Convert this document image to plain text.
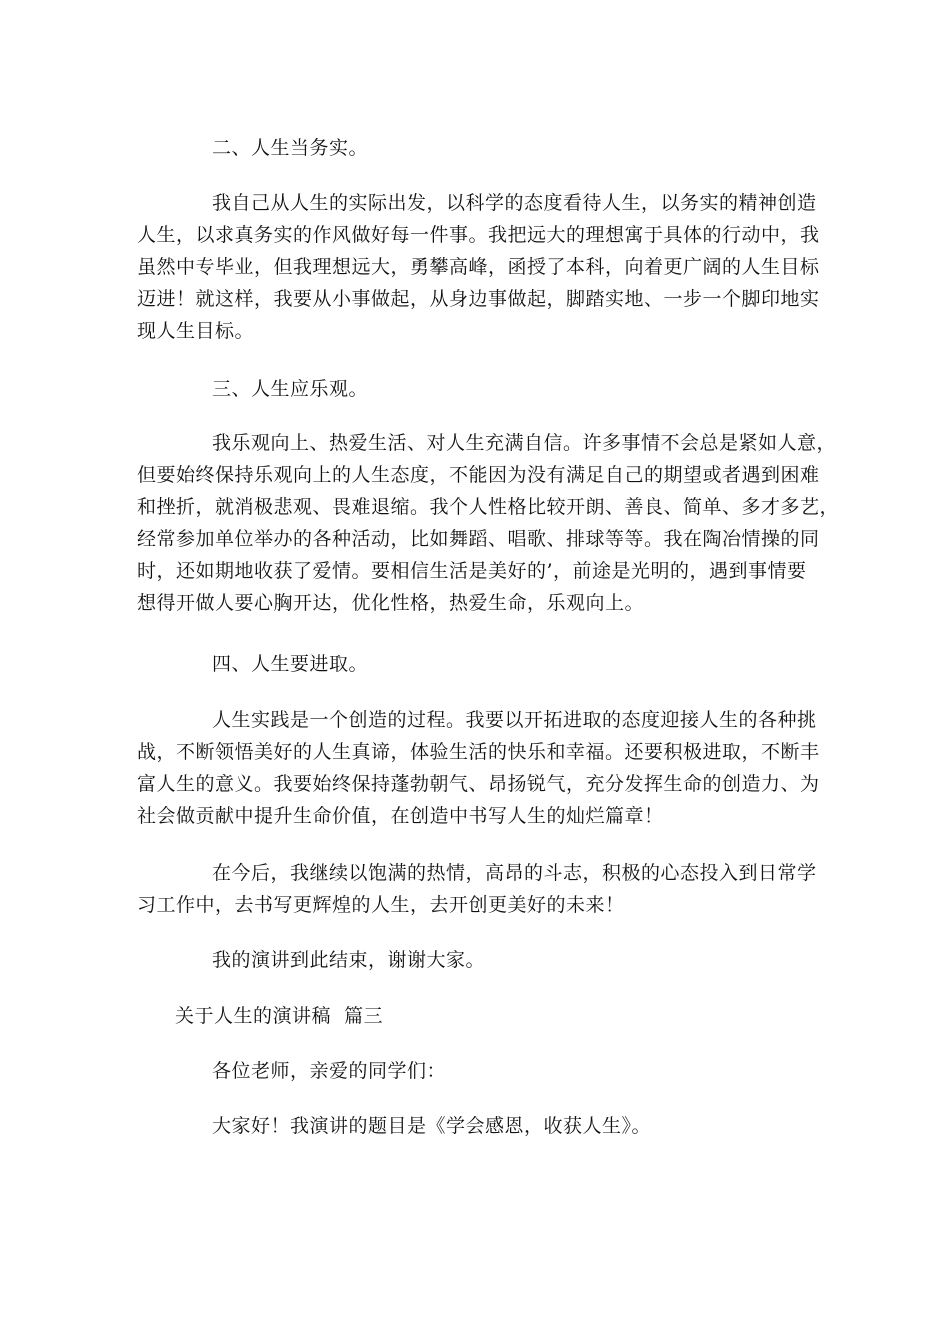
二、人生当务实。
我自己从人生的实际出发，以科学的态度看待人生，以务实的精神创造
人生，以求真务实的作风做好每一件事。我把远大的理想寓于具体的行动中，我
虽然中专毕业，但我理想远大，勇攀高峰，函授了本科，向着更广阔的人生目标
迈进！就这样，我要从小事做起，从身边事做起，脚踏实地、一步一个脚印地实
现人生目标。
三、人生应乐观。
我乐观向上、热爱生活、对人生充满自信。许多事情不会总是紧如人意，
但要始终保持乐观向上的人生态度，不能因为没有满足自己的期望或者遇到困难
和挫折，就消极悲观、畏难退缩。我个人性格比较开朗、善良、简单、多才多艺，
经常参加单位举办的各种活动，比如舞蹈、唱歌、排球等等。我在陶冶情操的同
时，还如期地收获了爱情。要相信生活是美好的’，前途是光明的，遇到事情要
想得开做人要心胸开达，优化性格，热爱生命，乐观向上。
四、人生要进取。
人生实践是一个创造的过程。我要以开拓进取的态度迎接人生的各种挑
战，不断领悟美好的人生真谛，体验生活的快乐和幸福。还要积极进取，不断丰
富人生的意义。我要始终保持蓬勃朝气、昂扬锐气，充分发挥生命的创造力、为
社会做贡献中提升生命价值，在创造中书写人生的灿烂篇章！
在今后，我继续以饱满的热情，高昂的斗志，积极的心态投入到日常学
习工作中，去书写更辉煌的人生，去开创更美好的未来！
我的演讲到此结束，谢谢大家。
关于人生的演讲稿  篇三
各位老师，亲爱的同学们：
大家好！我演讲的题目是《学会感恩，收获人生》。
